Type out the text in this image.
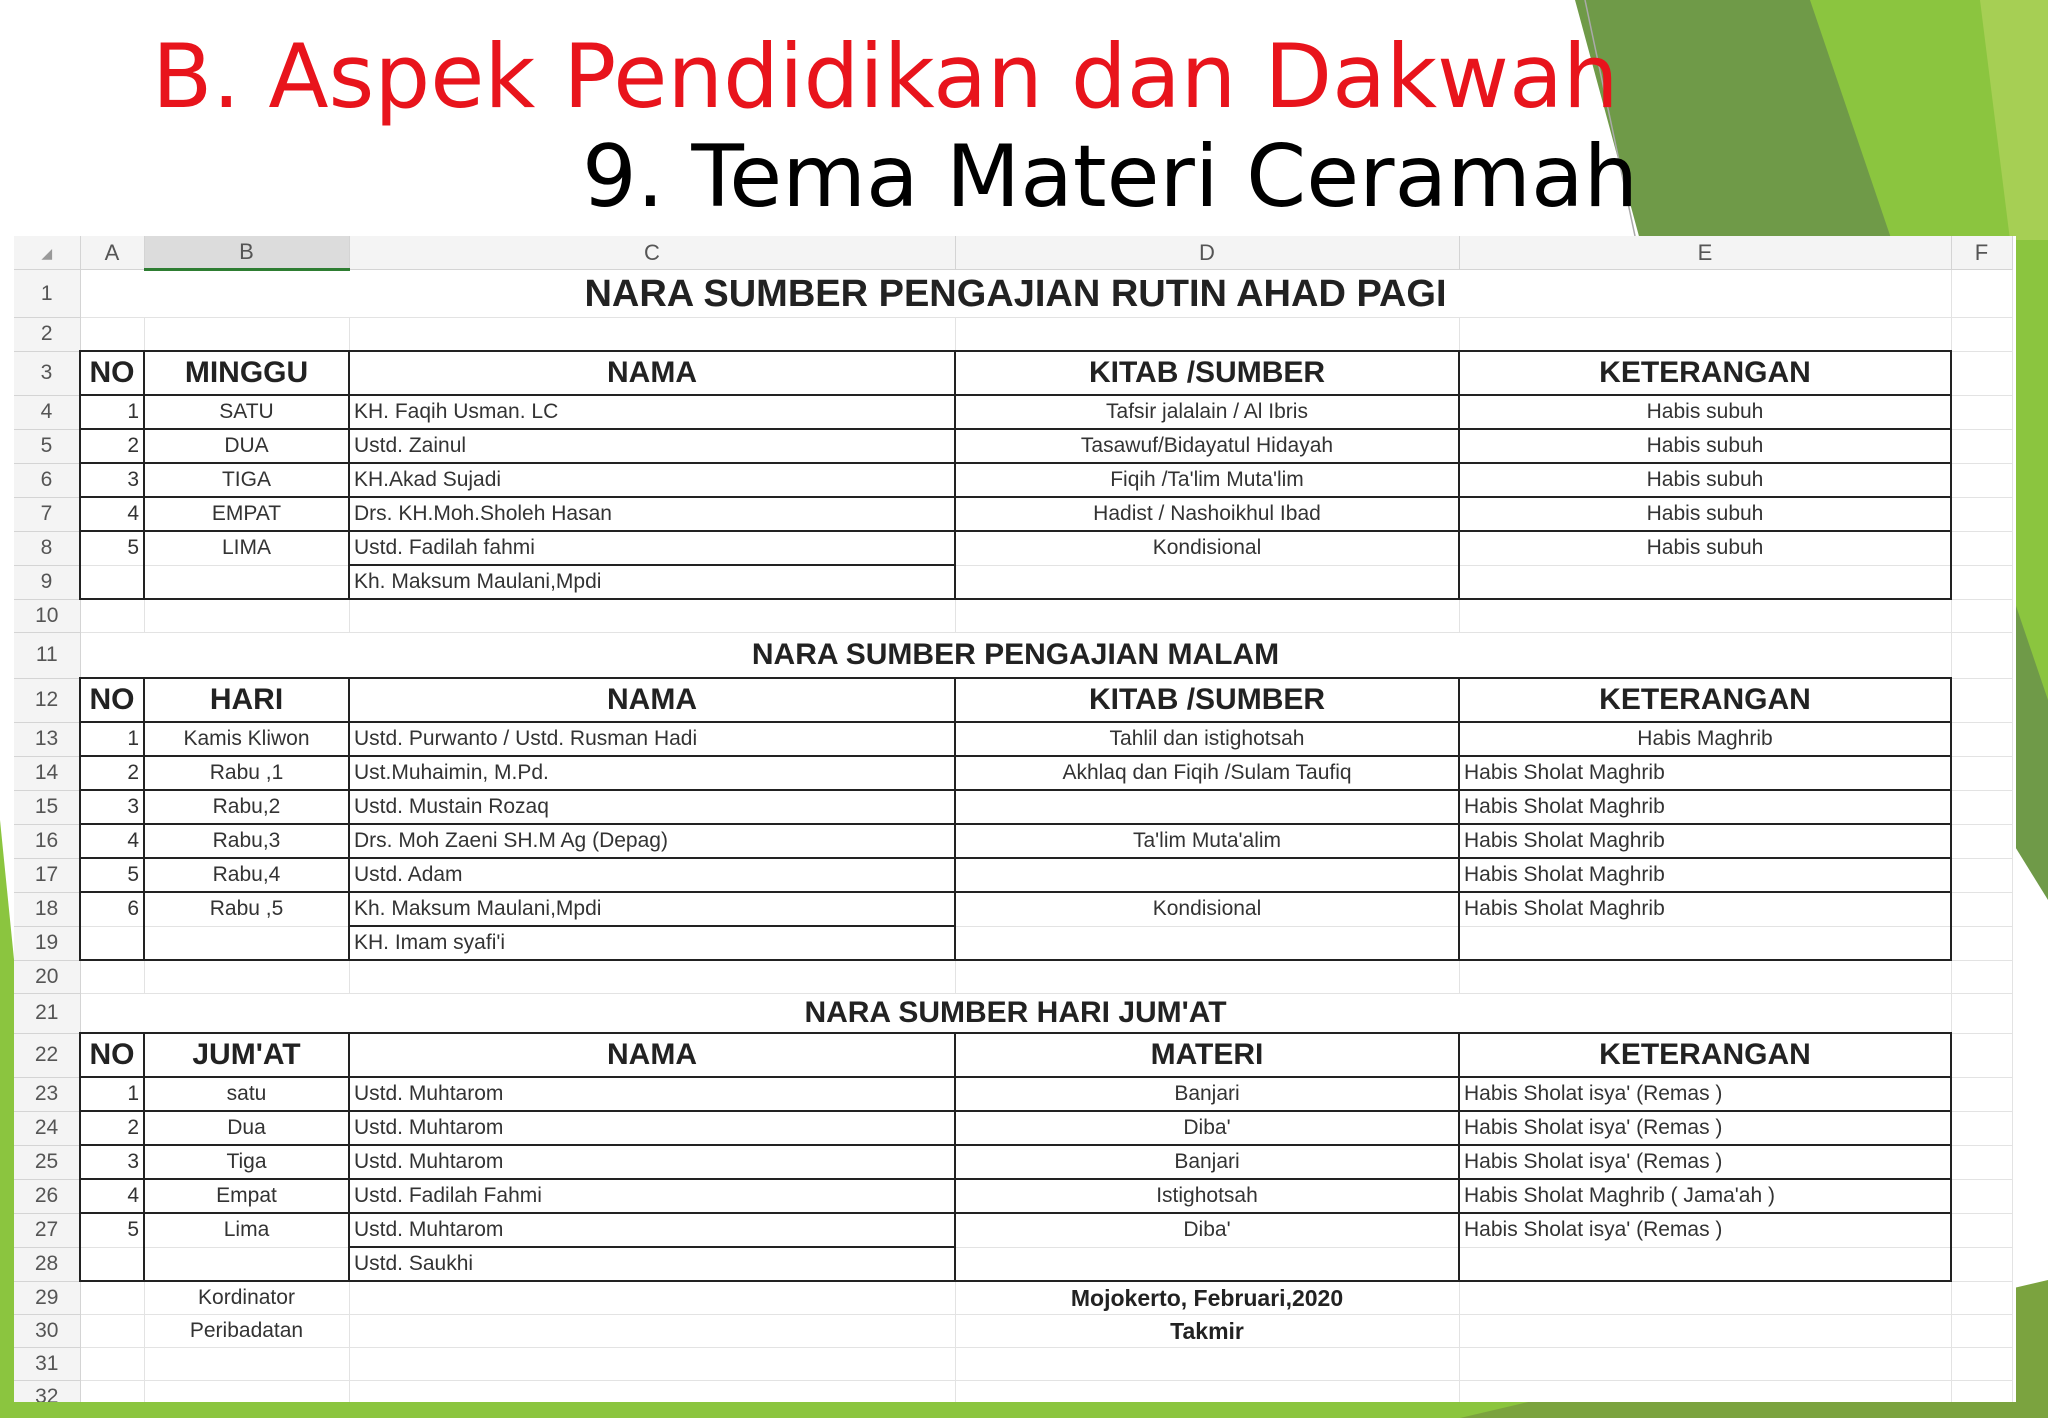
B. Aspek Pendidikan dan Dakwah
9. Tema Materi Ceramah
◢	A	B	C	D	E	F
1	NARA SUMBER PENGAJIAN RUTIN AHAD PAGI					
2						
3	NO	MINGGU	NAMA	KITAB /SUMBER	KETERANGAN	
4	1	SATU	KH. Faqih Usman. LC	Tafsir jalalain / Al Ibris	Habis subuh	
5	2	DUA	Ustd. Zainul	Tasawuf/Bidayatul Hidayah	Habis subuh	
6	3	TIGA	KH.Akad Sujadi	Fiqih /Ta'lim Muta'lim	Habis subuh	
7	4	EMPAT	Drs. KH.Moh.Sholeh Hasan	Hadist / Nashoikhul Ibad	Habis subuh	
8	5	LIMA	Ustd. Fadilah fahmi	Kondisional	Habis subuh	
9			Kh. Maksum Maulani,Mpdi			
10						
11	NARA SUMBER PENGAJIAN MALAM					
12	NO	HARI	NAMA	KITAB /SUMBER	KETERANGAN	
13	1	Kamis Kliwon	Ustd. Purwanto / Ustd. Rusman Hadi	Tahlil dan istighotsah	Habis Maghrib	
14	2	Rabu ,1	Ust.Muhaimin, M.Pd.	Akhlaq dan Fiqih /Sulam Taufiq	Habis Sholat Maghrib	
15	3	Rabu,2	Ustd. Mustain Rozaq		Habis Sholat Maghrib	
16	4	Rabu,3	Drs. Moh Zaeni SH.M Ag (Depag)	Ta'lim Muta'alim	Habis Sholat Maghrib	
17	5	Rabu,4	Ustd. Adam		Habis Sholat Maghrib	
18	6	Rabu ,5	Kh. Maksum Maulani,Mpdi	Kondisional	Habis Sholat Maghrib	
19			KH. Imam syafi'i			
20						
21	NARA SUMBER HARI JUM'AT					
22	NO	JUM'AT	NAMA	MATERI	KETERANGAN	
23	1	satu	Ustd. Muhtarom	Banjari	Habis Sholat isya' (Remas )	
24	2	Dua	Ustd. Muhtarom	Diba'	Habis Sholat isya' (Remas )	
25	3	Tiga	Ustd. Muhtarom	Banjari	Habis Sholat isya' (Remas )	
26	4	Empat	Ustd. Fadilah Fahmi	Istighotsah	Habis Sholat Maghrib ( Jama'ah )	
27	5	Lima	Ustd. Muhtarom	Diba'	Habis Sholat isya' (Remas )	
28			Ustd. Saukhi			
29		Kordinator		Mojokerto, Februari,2020		
30		Peribadatan		Takmir		
31						
32						
